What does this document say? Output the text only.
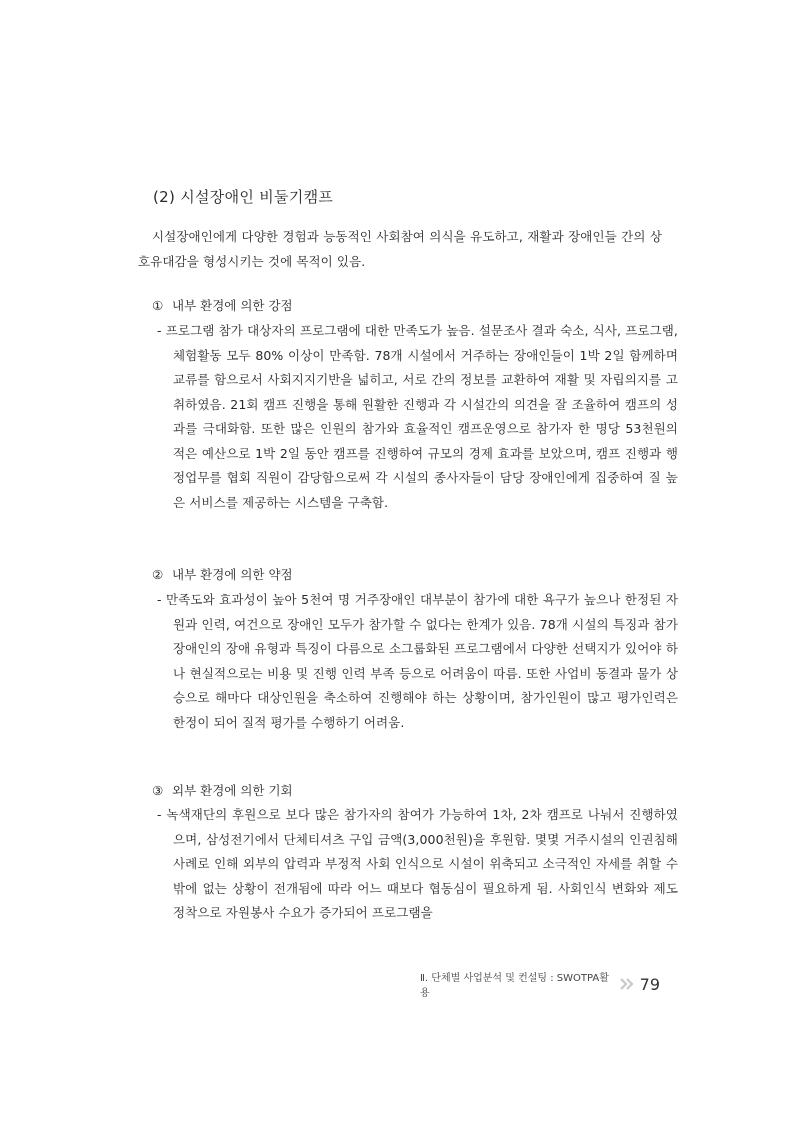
(2) 시설장애인 비둘기캠프

시설장애인에게 다양한 경험과 능동적인 사회참여 의식을 유도하고, 재활과 장애인들 간의 상호유대감을 형성시키는 것에 목적이 있음.

① 내부 환경에 의한 강점

- 프로그램 참가 대상자의 프로그램에 대한 만족도가 높음. 설문조사 결과 숙소, 식사, 프로그램, 체험활동 모두 80% 이상이 만족함. 78개 시설에서 거주하는 장애인들이 1박 2일 함께하며 교류를 함으로서 사회지지기반을 넓히고, 서로 간의 정보를 교환하여 재활 및 자립의지를 고취하였음. 21회 캠프 진행을 통해 원활한 진행과 각 시설간의 의견을 잘 조율하여 캠프의 성과를 극대화함. 또한 많은 인원의 참가와 효율적인 캠프운영으로 참가자 한 명당 53천원의 적은 예산으로 1박 2일 동안 캠프를 진행하여 규모의 경제 효과를 보았으며, 캠프 진행과 행정업무를 협회 직원이 감당함으로써 각 시설의 종사자들이 담당 장애인에게 집중하여 질 높은 서비스를 제공하는 시스템을 구축함.

② 내부 환경에 의한 약점

- 만족도와 효과성이 높아 5천여 명 거주장애인 대부분이 참가에 대한 욕구가 높으나 한정된 자원과 인력, 여건으로 장애인 모두가 참가할 수 없다는 한계가 있음. 78개 시설의 특징과 참가 장애인의 장애 유형과 특징이 다름으로 소그룹화된 프로그램에서 다양한 선택지가 있어야 하나 현실적으로는 비용 및 진행 인력 부족 등으로 어려움이 따름. 또한 사업비 동결과 물가 상승으로 해마다 대상인원을 축소하여 진행해야 하는 상황이며, 참가인원이 많고 평가인력은 한정이 되어 질적 평가를 수행하기 어려움.

③ 외부 환경에 의한 기회

- 녹색재단의 후원으로 보다 많은 참가자의 참여가 가능하여 1차, 2차 캠프로 나눠서 진행하였으며, 삼성전기에서 단체티셔츠 구입 금액(3,000천원)을 후원함. 몇몇 거주시설의 인권침해사례로 인해 외부의 압력과 부정적 사회 인식으로 시설이 위축되고 소극적인 자세를 취할 수밖에 없는 상황이 전개됨에 따라 어느 때보다 협동심이 필요하게 됨. 사회인식 변화와 제도 정착으로 자원봉사 수요가 증가되어 프로그램을

Ⅱ. 단체별 사업분석 및 컨설팅 : SWOTPA활용	79
